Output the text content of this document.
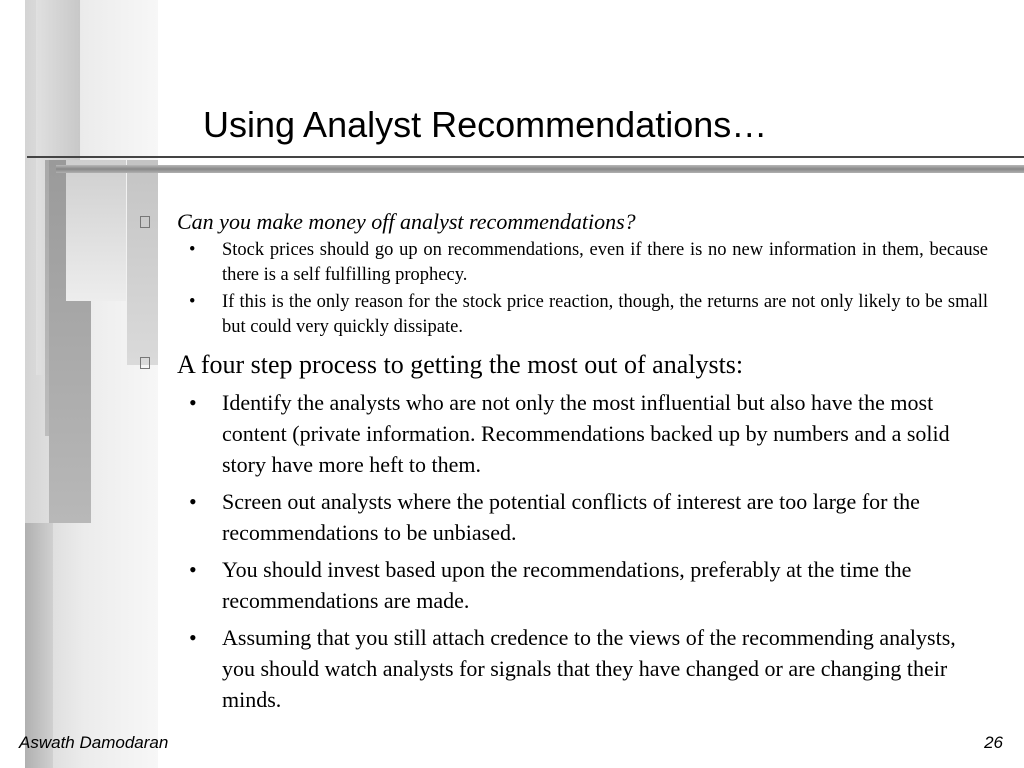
Using Analyst Recommendations…
Can you make money off analyst recommendations?
• Stock prices should go up on recommendations, even if there is no new information in them, because there is a self fulfilling prophecy.
• If this is the only reason for the stock price reaction, though, the returns are not only likely to be small but could very quickly dissipate.
A four step process to getting the most out of analysts:
• Identify the analysts who are not only the most influential but also have the most content (private information. Recommendations backed up by numbers and a solid story have more heft to them.
• Screen out analysts where the potential conflicts of interest are too large for the recommendations to be unbiased.
• You should invest based upon the recommendations, preferably at the time the recommendations are made.
• Assuming that you still attach credence to the views of the recommending analysts, you should watch analysts for signals that they have changed or are changing their minds.
Aswath Damodaran	26
